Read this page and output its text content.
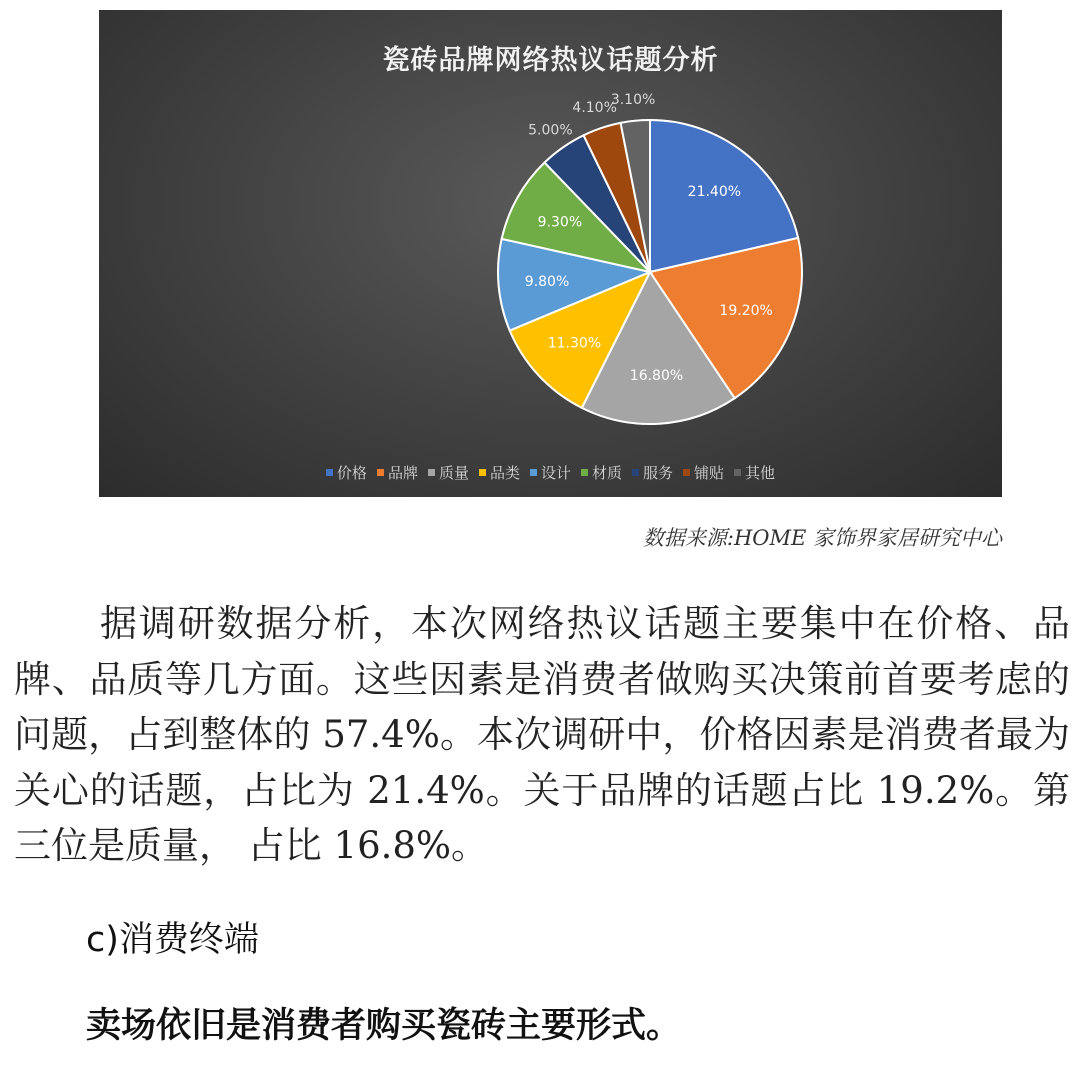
瓷砖品牌网络热议话题分析
21.40%
19.20%
16.80%
11.30%
9.80%
9.30%
5.00%
4.10%
3.10%
价格 品牌 质量 品类 设计 材质 服务 铺贴 其他
数据来源:HOME 家饰界家居研究中心

据调研数据分析，本次网络热议话题主要集中在价格、品牌、品质等几方面。这些因素是消费者做购买决策前首要考虑的问题，占到整体的 57.4%。本次调研中，价格因素是消费者最为关心的话题，占比为 21.4%。关于品牌的话题占比 19.2%。第三位是质量， 占比 16.8%。

c)消费终端
卖场依旧是消费者购买瓷砖主要形式。
